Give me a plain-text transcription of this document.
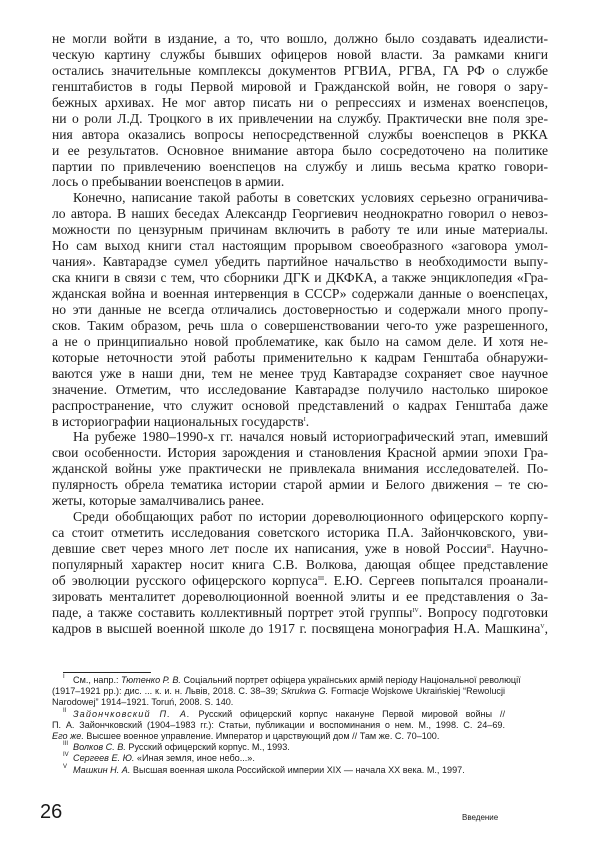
не могли войти в издание, а то, что вошло, должно было создавать идеалисти-
ческую картину службы бывших офицеров новой власти. За рамками книги
остались значительные комплексы документов РГВИА, РГВА, ГА РФ о службе
генштабистов в годы Первой мировой и Гражданской войн, не говоря о зару-
бежных архивах. Не мог автор писать ни о репрессиях и изменах военспецов,
ни о роли Л.Д. Троцкого в их привлечении на службу. Практически вне поля зре-
ния автора оказались вопросы непосредственной службы военспецов в РККА
и ее результатов. Основное внимание автора было сосредоточено на политике
партии по привлечению военспецов на службу и лишь весьма кратко говори-
лось о пребывании военспецов в армии.
Конечно, написание такой работы в советских условиях серьезно ограничива-
ло автора. В наших беседах Александр Георгиевич неоднократно говорил о невоз-
можности по цензурным причинам включить в работу те или иные материалы.
Но сам выход книги стал настоящим прорывом своеобразного «заговора умол-
чания». Кавтарадзе сумел убедить партийное начальство в необходимости выпу-
ска книги в связи с тем, что сборники ДГК и ДКФКА, а также энциклопедия «Гра-
жданская война и военная интервенция в СССР» содержали данные о военспецах,
но эти данные не всегда отличались достоверностью и содержали много пропу-
сков. Таким образом, речь шла о совершенствовании чего-то уже разрешенного,
а не о принципиально новой проблематике, как было на самом деле. И хотя не-
которые неточности этой работы применительно к кадрам Генштаба обнаружи-
ваются уже в наши дни, тем не менее труд Кавтарадзе сохраняет свое научное
значение. Отметим, что исследование Кавтарадзе получило настолько широкое
распространение, что служит основой представлений о кадрах Генштаба даже
в историографии национальных государств$^I$.
На рубеже 1980–1990-х гг. начался новый историографический этап, имевший
свои особенности. История зарождения и становления Красной армии эпохи Гра-
жданской войны уже практически не привлекала внимания исследователей. По-
пулярность обрела тематика истории старой армии и Белого движения – те сю-
жеты, которые замалчивались ранее.
Среди обобщающих работ по истории дореволюционного офицерского корпу-
са стоит отметить исследования советского историка П.А. Зайончковского, уви-
девшие свет через много лет после их написания, уже в новой России$^{II}$. Научно-
популярный характер носит книга С.В. Волкова, дающая общее представление
об эволюции русского офицерского корпуса$^{III}$. Е.Ю. Сергеев попытался проанали-
зировать менталитет дореволюционной военной элиты и ее представления о За-
паде, а также составить коллективный портрет этой группы$^{IV}$. Вопросу подготовки
кадров в высшей военной школе до 1917 г. посвящена монография Н.А. Машкина$^V$,
I См., напр.: Тютенко Р. В. Соціальний портрет офіцера українських армій періоду Національної революції
(1917–1921 рр.): дис. ... к. и. н. Львів, 2018. С. 38–39; Skrukwa G. Formacje Wojskowe Ukraińskiej “Rewolucji
Narodowej” 1914–1921. Toruń, 2008. S. 140.
II Зайончковский П. А. Русский офицерский корпус накануне Первой мировой войны //
П. А. Зайончковский (1904–1983 гг.): Статьи, публикации и воспоминания о нем. М., 1998. С. 24–69.
Его же. Высшее военное управление. Император и царствующий дом // Там же. С. 70–100.
III Волков С. В. Русский офицерский корпус. М., 1993.
IV Сергеев Е. Ю. «Иная земля, иное небо...».
V Машкин Н. А. Высшая военная школа Российской империи XIX — начала XX века. М., 1997.
26	Введение
